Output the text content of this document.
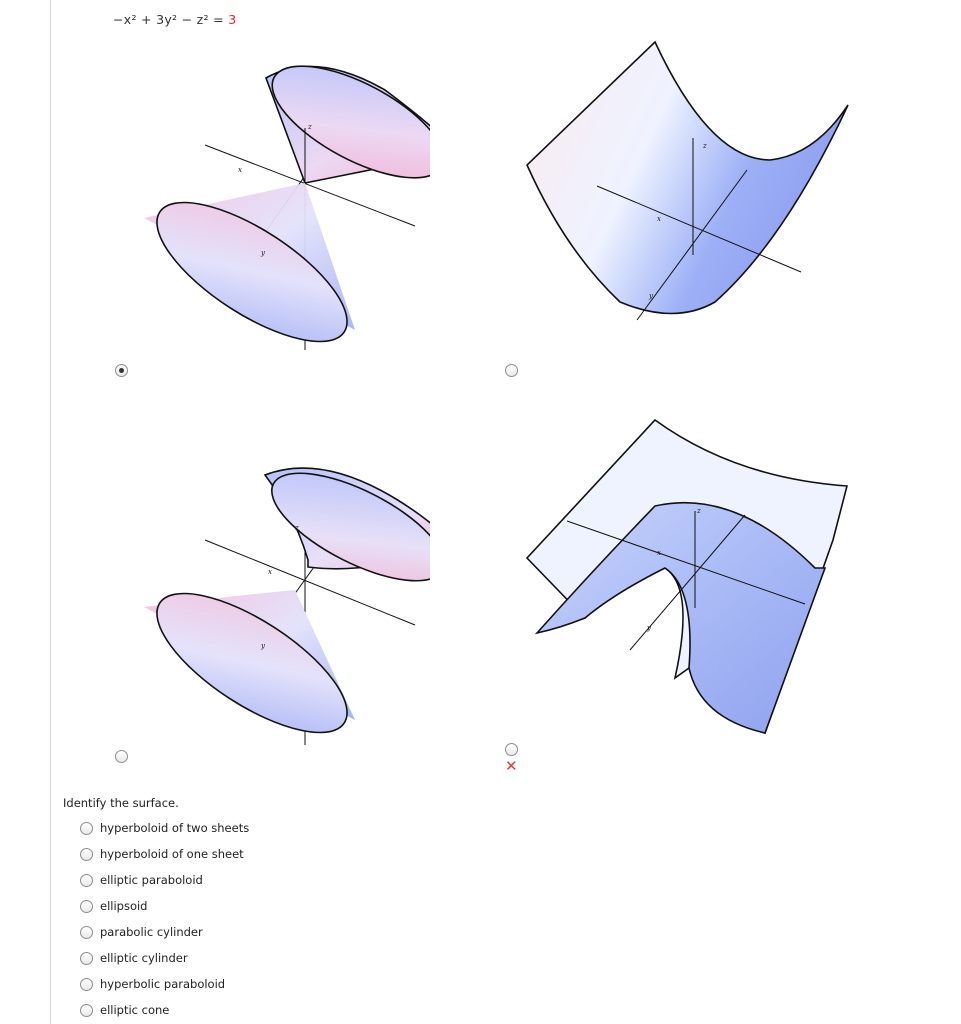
−x² + 3y² − z² = 3
x
y
z
x
y
z
x
y
z
x
y
z
✕
Identify the surface.
hyperboloid of two sheets
hyperboloid of one sheet
elliptic paraboloid
ellipsoid
parabolic cylinder
elliptic cylinder
hyperbolic paraboloid
elliptic cone
